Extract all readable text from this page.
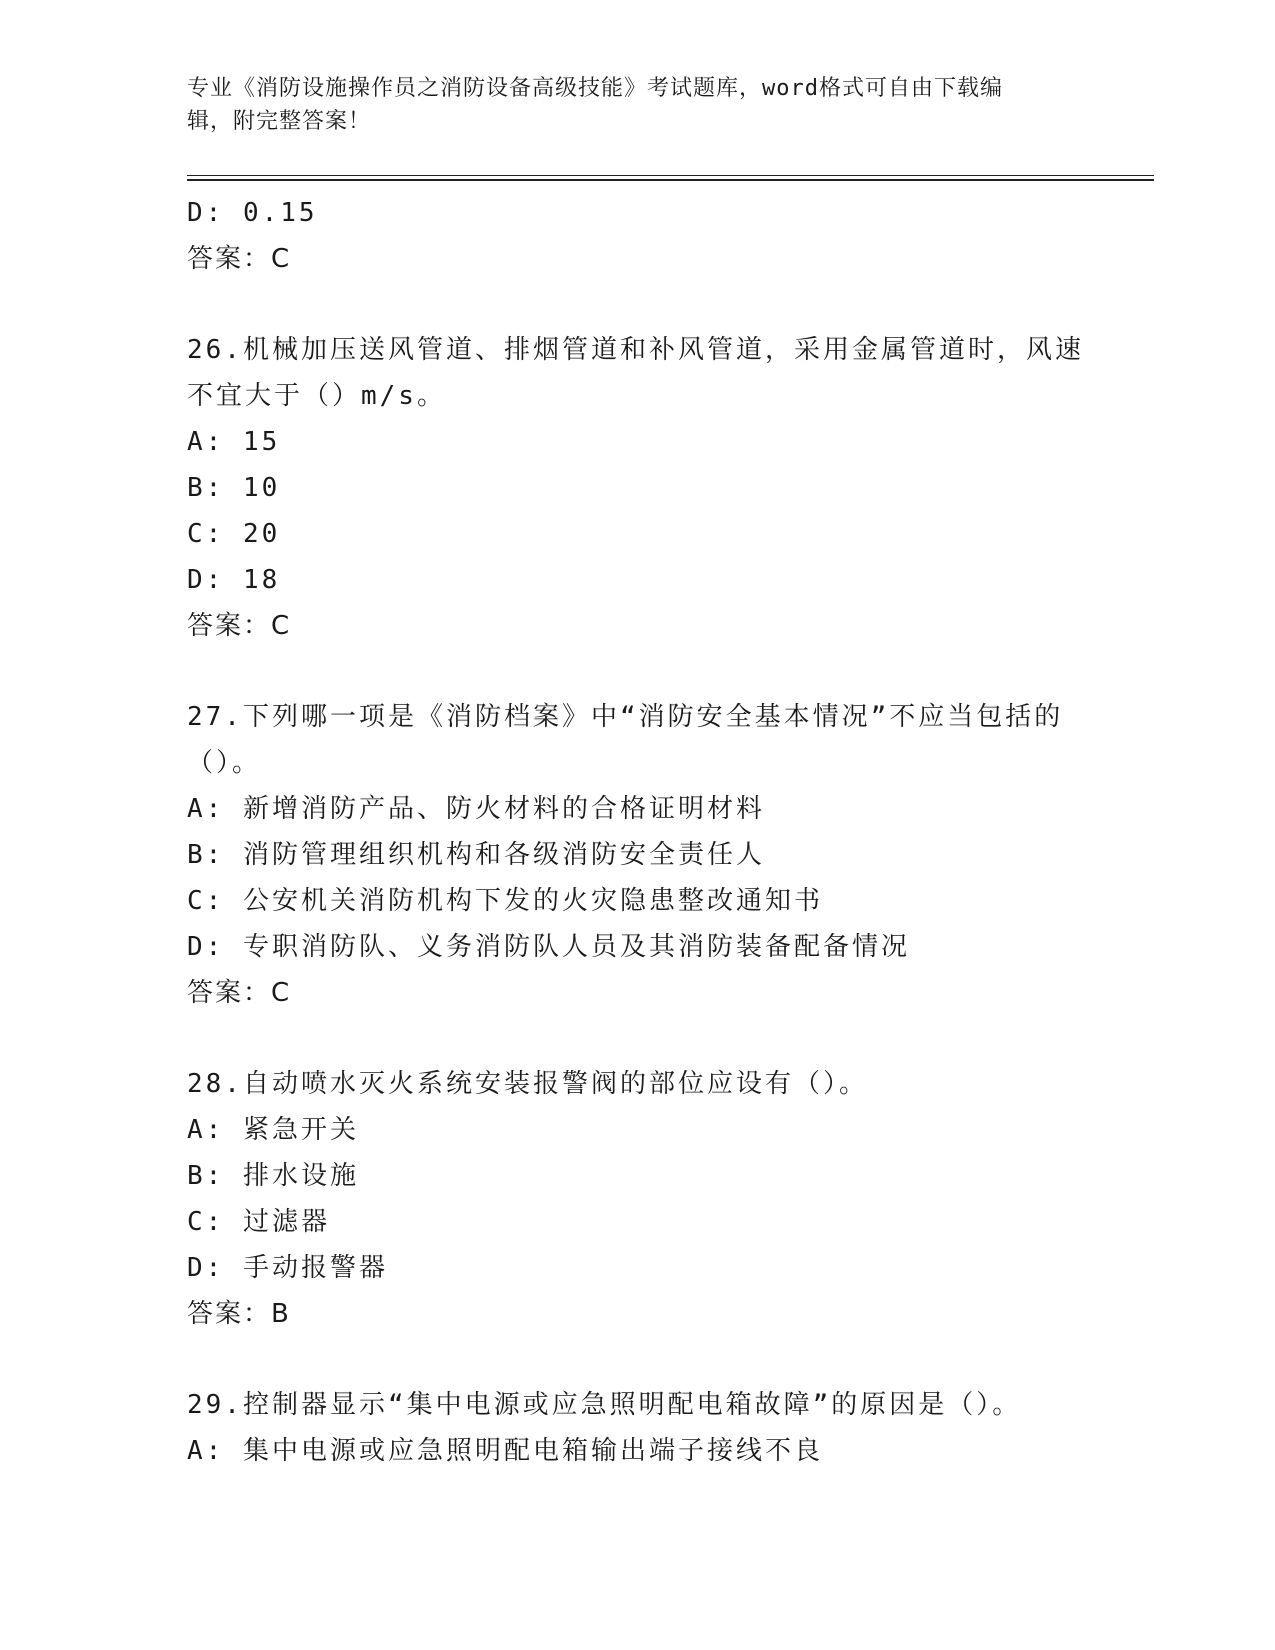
专业《消防设施操作员之消防设备高级技能》考试题库，word格式可自由下载编
辑，附完整答案！
D: 0.15
答案：C
26.机械加压送风管道、排烟管道和补风管道，采用金属管道时，风速
不宜大于（）m/s。
A: 15
B: 10
C: 20
D: 18
答案：C
27.下列哪一项是《消防档案》中“消防安全基本情况”不应当包括的
（）。
A: 新增消防产品、防火材料的合格证明材料
B: 消防管理组织机构和各级消防安全责任人
C: 公安机关消防机构下发的火灾隐患整改通知书
D: 专职消防队、义务消防队人员及其消防装备配备情况
答案：C
28.自动喷水灭火系统安装报警阀的部位应设有（）。
A: 紧急开关
B: 排水设施
C: 过滤器
D: 手动报警器
答案：B
29.控制器显示“集中电源或应急照明配电箱故障”的原因是（）。
A: 集中电源或应急照明配电箱输出端子接线不良
